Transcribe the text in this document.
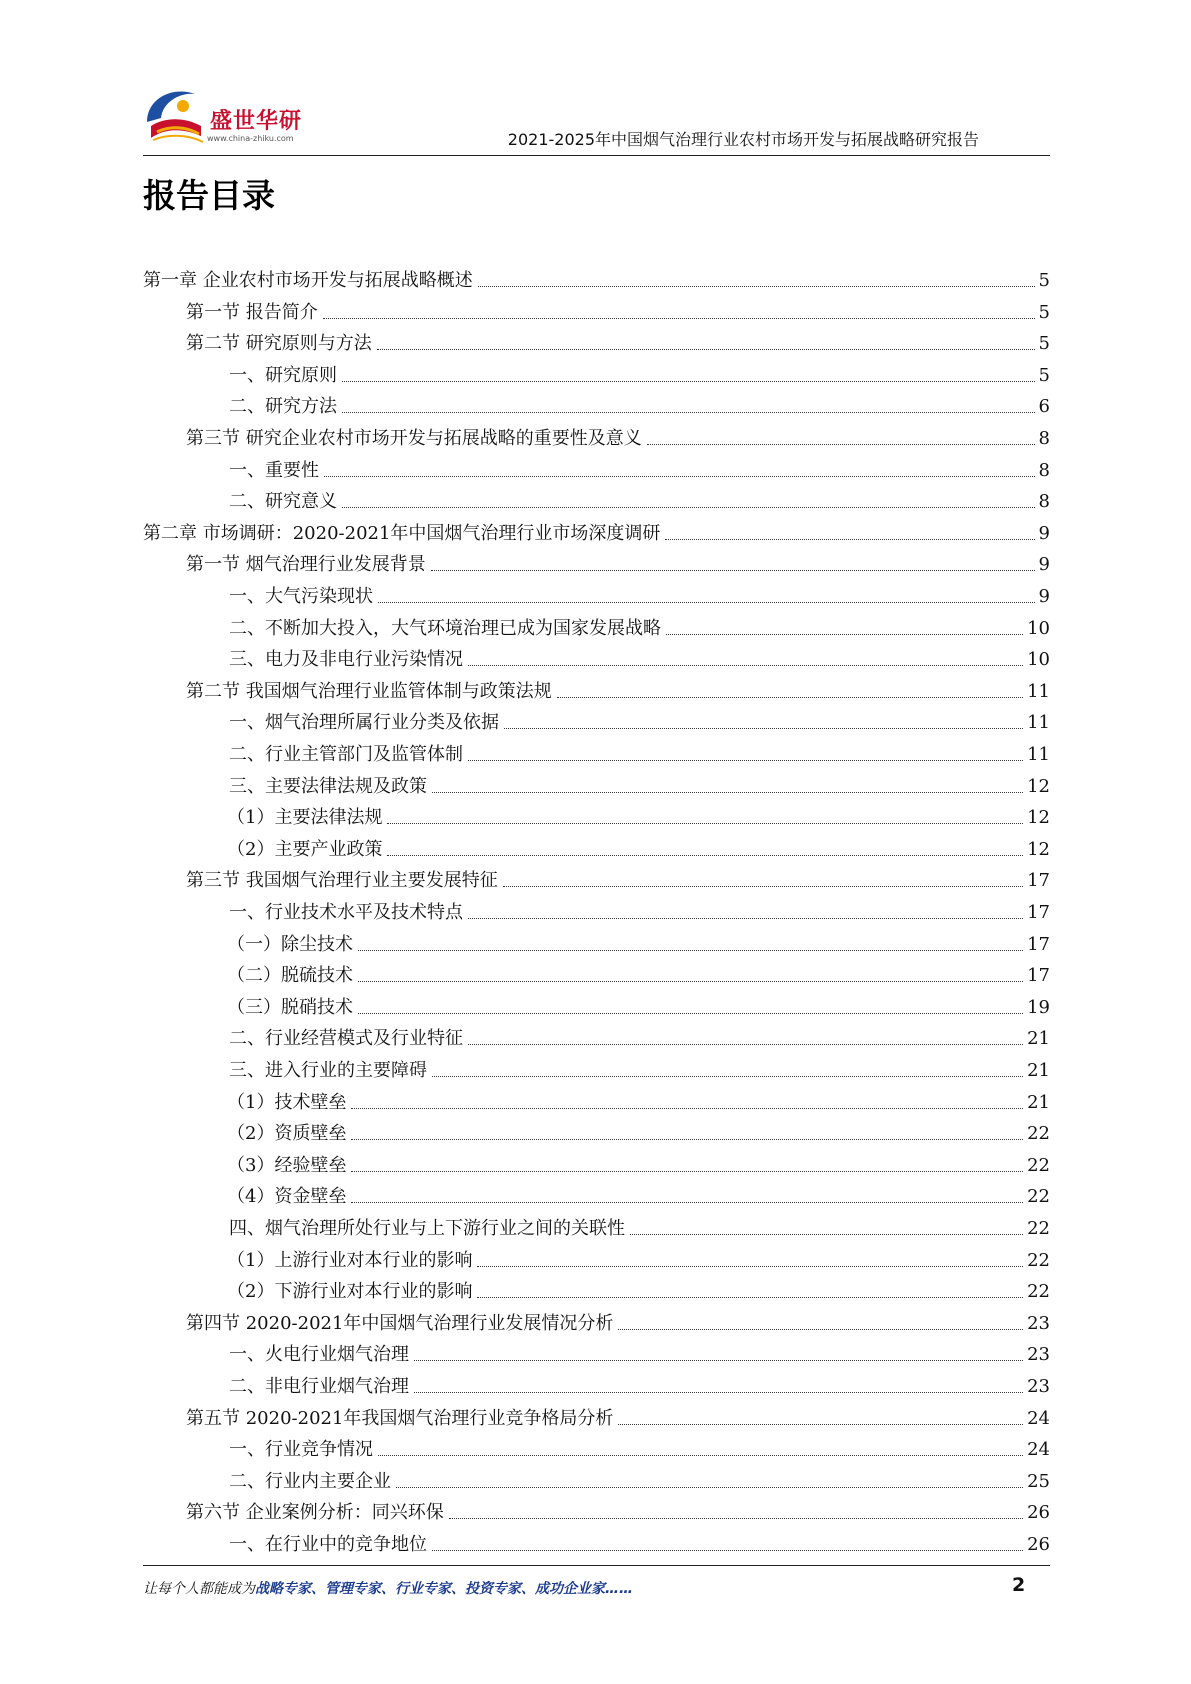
盛世华研
www.china-zhiku.com	2021-2025年中国烟气治理行业农村市场开发与拓展战略研究报告
报告目录
第一章 企业农村市场开发与拓展战略概述	5
第一节 报告简介	5
第二节 研究原则与方法	5
一、研究原则	5
二、研究方法	6
第三节 研究企业农村市场开发与拓展战略的重要性及意义	8
一、重要性	8
二、研究意义	8
第二章 市场调研：2020-2021年中国烟气治理行业市场深度调研	9
第一节 烟气治理行业发展背景	9
一、大气污染现状	9
二、不断加大投入，大气环境治理已成为国家发展战略	10
三、电力及非电行业污染情况	10
第二节 我国烟气治理行业监管体制与政策法规	11
一、烟气治理所属行业分类及依据	11
二、行业主管部门及监管体制	11
三、主要法律法规及政策	12
（1）主要法律法规	12
（2）主要产业政策	12
第三节 我国烟气治理行业主要发展特征	17
一、行业技术水平及技术特点	17
（一）除尘技术	17
（二）脱硫技术	17
（三）脱硝技术	19
二、行业经营模式及行业特征	21
三、进入行业的主要障碍	21
（1）技术壁垒	21
（2）资质壁垒	22
（3）经验壁垒	22
（4）资金壁垒	22
四、烟气治理所处行业与上下游行业之间的关联性	22
（1）上游行业对本行业的影响	22
（2）下游行业对本行业的影响	22
第四节 2020-2021年中国烟气治理行业发展情况分析	23
一、火电行业烟气治理	23
二、非电行业烟气治理	23
第五节 2020-2021年我国烟气治理行业竞争格局分析	24
一、行业竞争情况	24
二、行业内主要企业	25
第六节 企业案例分析：同兴环保	26
一、在行业中的竞争地位	26
让每个人都能成为战略专家、管理专家、行业专家、投资专家、成功企业家……	2
